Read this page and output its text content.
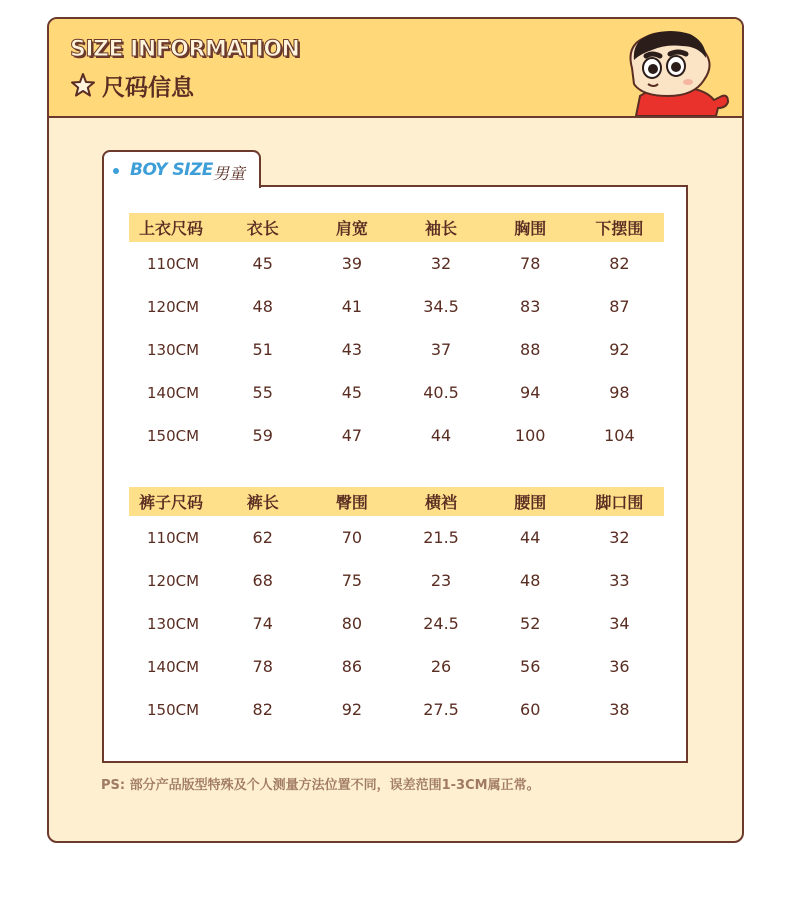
SIZE INFORMATION
尺码信息
BOY SIZE 男童
上衣尺码	衣长	肩宽	袖长	胸围	下摆围
110CM	45	39	32	78	82
120CM	48	41	34.5	83	87
130CM	51	43	37	88	92
140CM	55	45	40.5	94	98
150CM	59	47	44	100	104
裤子尺码	裤长	臀围	横裆	腰围	脚口围
110CM	62	70	21.5	44	32
120CM	68	75	23	48	33
130CM	74	80	24.5	52	34
140CM	78	86	26	56	36
150CM	82	92	27.5	60	38
PS: 部分产品版型特殊及个人测量方法位置不同，误差范围1-3CM属正常。
